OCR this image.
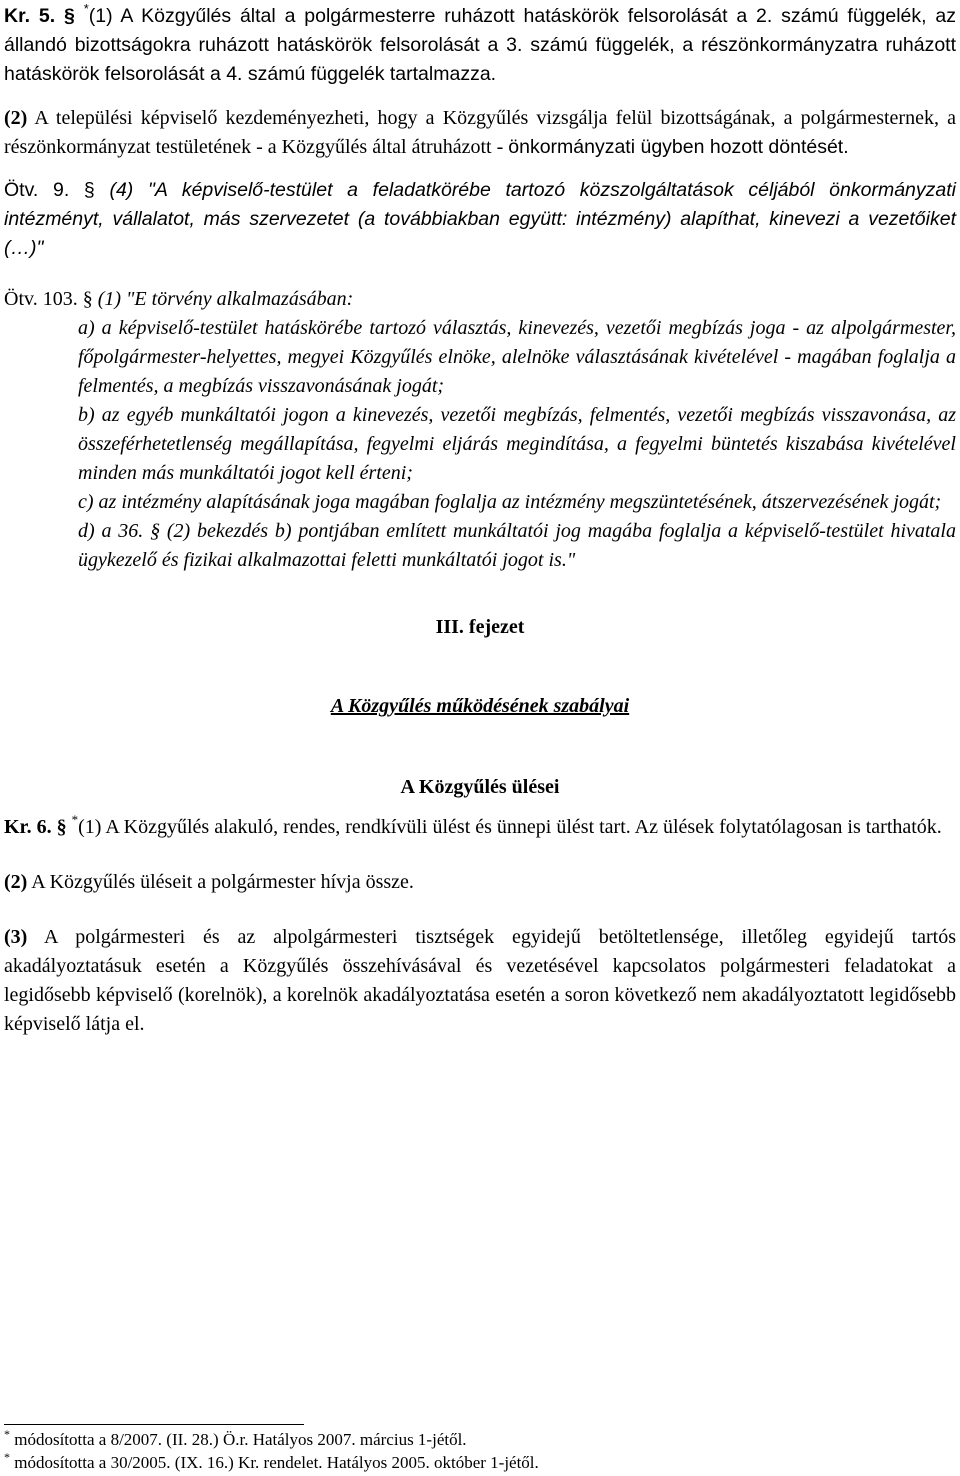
Kr. 5. § *(1) A Közgyűlés által a polgármesterre ruházott hatáskörök felsorolását a 2. számú függelék, az állandó bizottságokra ruházott hatáskörök felsorolását a 3. számú függelék, a részönkormányzatra ruházott hatáskörök felsorolását a 4. számú függelék tartalmazza.

(2) A települési képviselő kezdeményezheti, hogy a Közgyűlés vizsgálja felül bizottságának, a polgármesternek, a részönkormányzat testületének - a Közgyűlés által átruházott - önkormányzati ügyben hozott döntését.

Ötv. 9. § (4) "A képviselő-testület a feladatkörébe tartozó közszolgáltatások céljából önkormányzati intézményt, vállalatot, más szervezetet (a továbbiakban együtt: intézmény) alapíthat, kinevezi a vezetőiket (…)"

Ötv. 103. § (1) "E törvény alkalmazásában:

a) a képviselő-testület hatáskörébe tartozó választás, kinevezés, vezetői megbízás joga - az alpolgármester, főpolgármester-helyettes, megyei Közgyűlés elnöke, alelnöke választásának kivételével - magában foglalja a felmentés, a megbízás visszavonásának jogát;

b) az egyéb munkáltatói jogon a kinevezés, vezetői megbízás, felmentés, vezetői megbízás visszavonása, az összeférhetetlenség megállapítása, fegyelmi eljárás megindítása, a fegyelmi büntetés kiszabása kivételével minden más munkáltatói jogot kell érteni;

c) az intézmény alapításának joga magában foglalja az intézmény megszüntetésének, átszervezésének jogát;

d) a 36. § (2) bekezdés b) pontjában említett munkáltatói jog magába foglalja a képviselő-testület hivatala ügykezelő és fizikai alkalmazottai feletti munkáltatói jogot is."

III. fejezet
A Közgyűlés működésének szabályai
A Közgyűlés ülései

Kr. 6. § *(1) A Közgyűlés alakuló, rendes, rendkívüli ülést és ünnepi ülést tart. Az ülések folytatólagosan is tarthatók.

(2) A Közgyűlés üléseit a polgármester hívja össze.

(3) A polgármesteri és az alpolgármesteri tisztségek egyidejű betöltetlensége, illetőleg egyidejű tartós akadályoztatásuk esetén a Közgyűlés összehívásával és vezetésével kapcsolatos polgármesteri feladatokat a legidősebb képviselő (korelnök), a korelnök akadályoztatása esetén a soron következő nem akadályoztatott legidősebb képviselő látja el.

* módosította a 8/2007. (II. 28.) Ö.r. Hatályos 2007. március 1-jétől.
* módosította a 30/2005. (IX. 16.) Kr. rendelet. Hatályos 2005. október 1-jétől.
